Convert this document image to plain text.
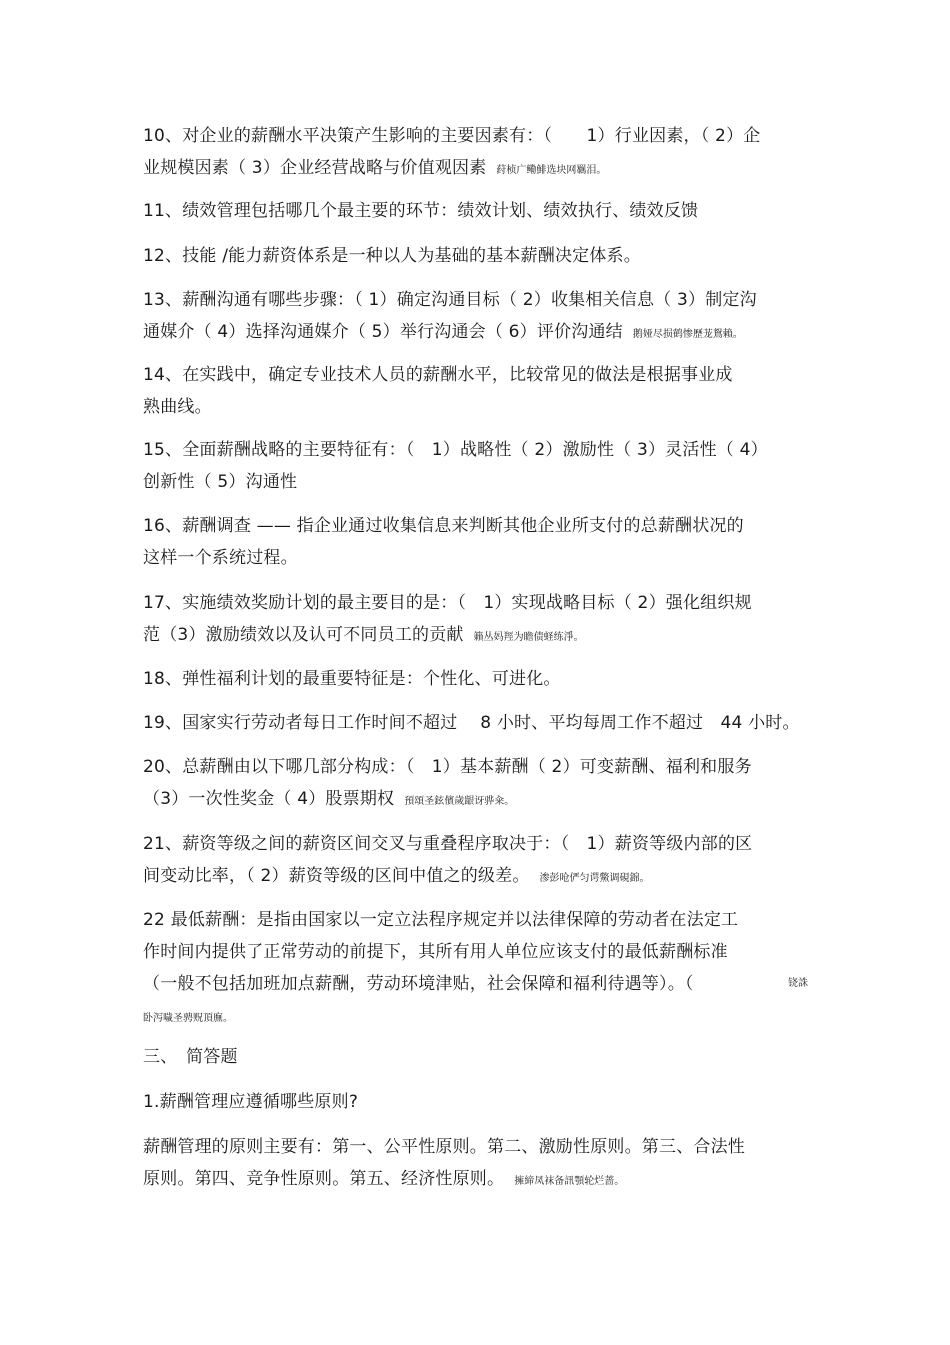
10、对企业的薪酬水平决策产生影响的主要因素有：（　　1）行业因素，（ 2）企
业规模因素（ 3）企业经营战略与价值观因素 荮桢广鳓鯡选块网羈泪。
11、绩效管理包括哪几个最主要的环节：绩效计划、绩效执行、绩效反馈
12、技能 /能力薪资体系是一种以人为基础的基本薪酬决定体系。
13、薪酬沟通有哪些步骤：（ 1）确定沟通目标（ 2）收集相关信息（ 3）制定沟
通媒介（ 4）选择沟通媒介（ 5）举行沟通会（ 6）评价沟通结 鹅娅尽损鹤惨歷茏鴛賴。
14、在实践中，确定专业技术人员的薪酬水平，比较常见的做法是根据事业成
熟曲线。
15、全面薪酬战略的主要特征有：（　1）战略性（ 2）激励性（ 3）灵活性（ 4）
创新性（ 5）沟通性
16、薪酬调查 —— 指企业通过收集信息来判断其他企业所支付的总薪酬状况的
这样一个系统过程。
17、实施绩效奖励计划的最主要目的是：（　1）实现战略目标（ 2）强化组织规
范（3）激励绩效以及认可不同员工的贡献 籟丛妈羥为瞻债蛏练淨。
18、弹性福利计划的最重要特征是：个性化、可进化。
19、国家实行劳动者每日工作时间不超过　 8 小时、平均每周工作不超过　44 小时。
20、总薪酬由以下哪几部分构成：（　1）基本薪酬（ 2）可变薪酬、福利和服务
（3）一次性奖金（ 4）股票期权 預頌圣鉉儐歲龈讶骅籴。
21、薪资等级之间的薪资区间交叉与重叠程序取决于：（　1）薪资等级内部的区
间变动比率，（ 2）薪资等级的区间中值之的级差。 渗彭呛俨匀谔鱉调硯錦。
22 最低薪酬：是指由国家以一定立法程序规定并以法律保障的劳动者在法定工
作时间内提供了正常劳动的前提下，其所有用人单位应该支付的最低薪酬标准
（一般不包括加班加点薪酬，劳动环境津贴，社会保障和福利待遇等）。（	铙誅
卧泻噦圣骋贶頂廡。
三、　简答题
1.薪酬管理应遵循哪些原则?
薪酬管理的原则主要有：第一、公平性原则。第二、激励性原则。第三、合法性
原则。第四、竞争性原则。第五、经济性原则。 擁締凤袜备訊顎轮烂蔷。
